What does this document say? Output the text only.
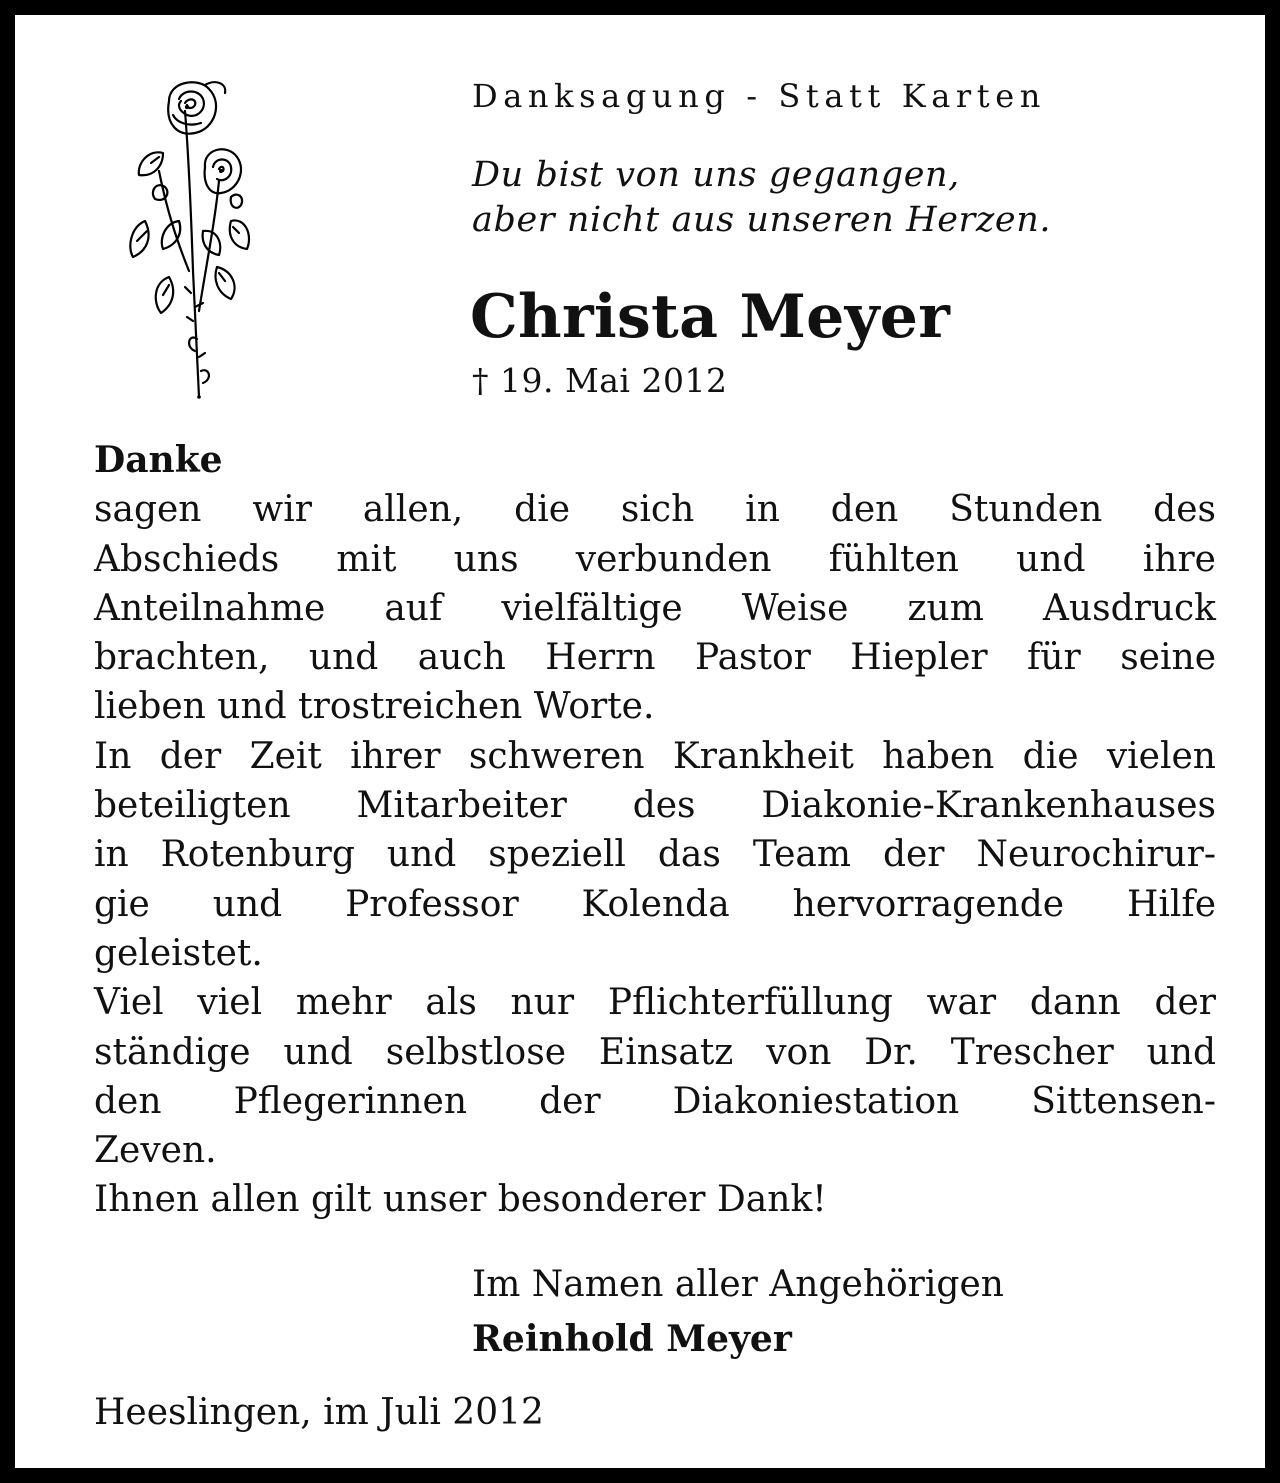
Danksagung - Statt Karten
Du bist von uns gegangen,
aber nicht aus unseren Herzen.
Christa Meyer
† 19. Mai 2012
Danke
sagen wir allen, die sich in den Stunden des
Abschieds mit uns verbunden fühlten und ihre
Anteilnahme auf vielfältige Weise zum Ausdruck
brachten, und auch Herrn Pastor Hiepler für seine
lieben und trostreichen Worte.
In der Zeit ihrer schweren Krankheit haben die vielen
beteiligten Mitarbeiter des Diakonie-Krankenhauses
in Rotenburg und speziell das Team der Neurochirur-
gie und Professor Kolenda hervorragende Hilfe
geleistet.
Viel viel mehr als nur Pflichterfüllung war dann der
ständige und selbstlose Einsatz von Dr. Trescher und
den Pflegerinnen der Diakoniestation Sittensen-
Zeven.
Ihnen allen gilt unser besonderer Dank!
Im Namen aller Angehörigen
Reinhold Meyer
Heeslingen, im Juli 2012
